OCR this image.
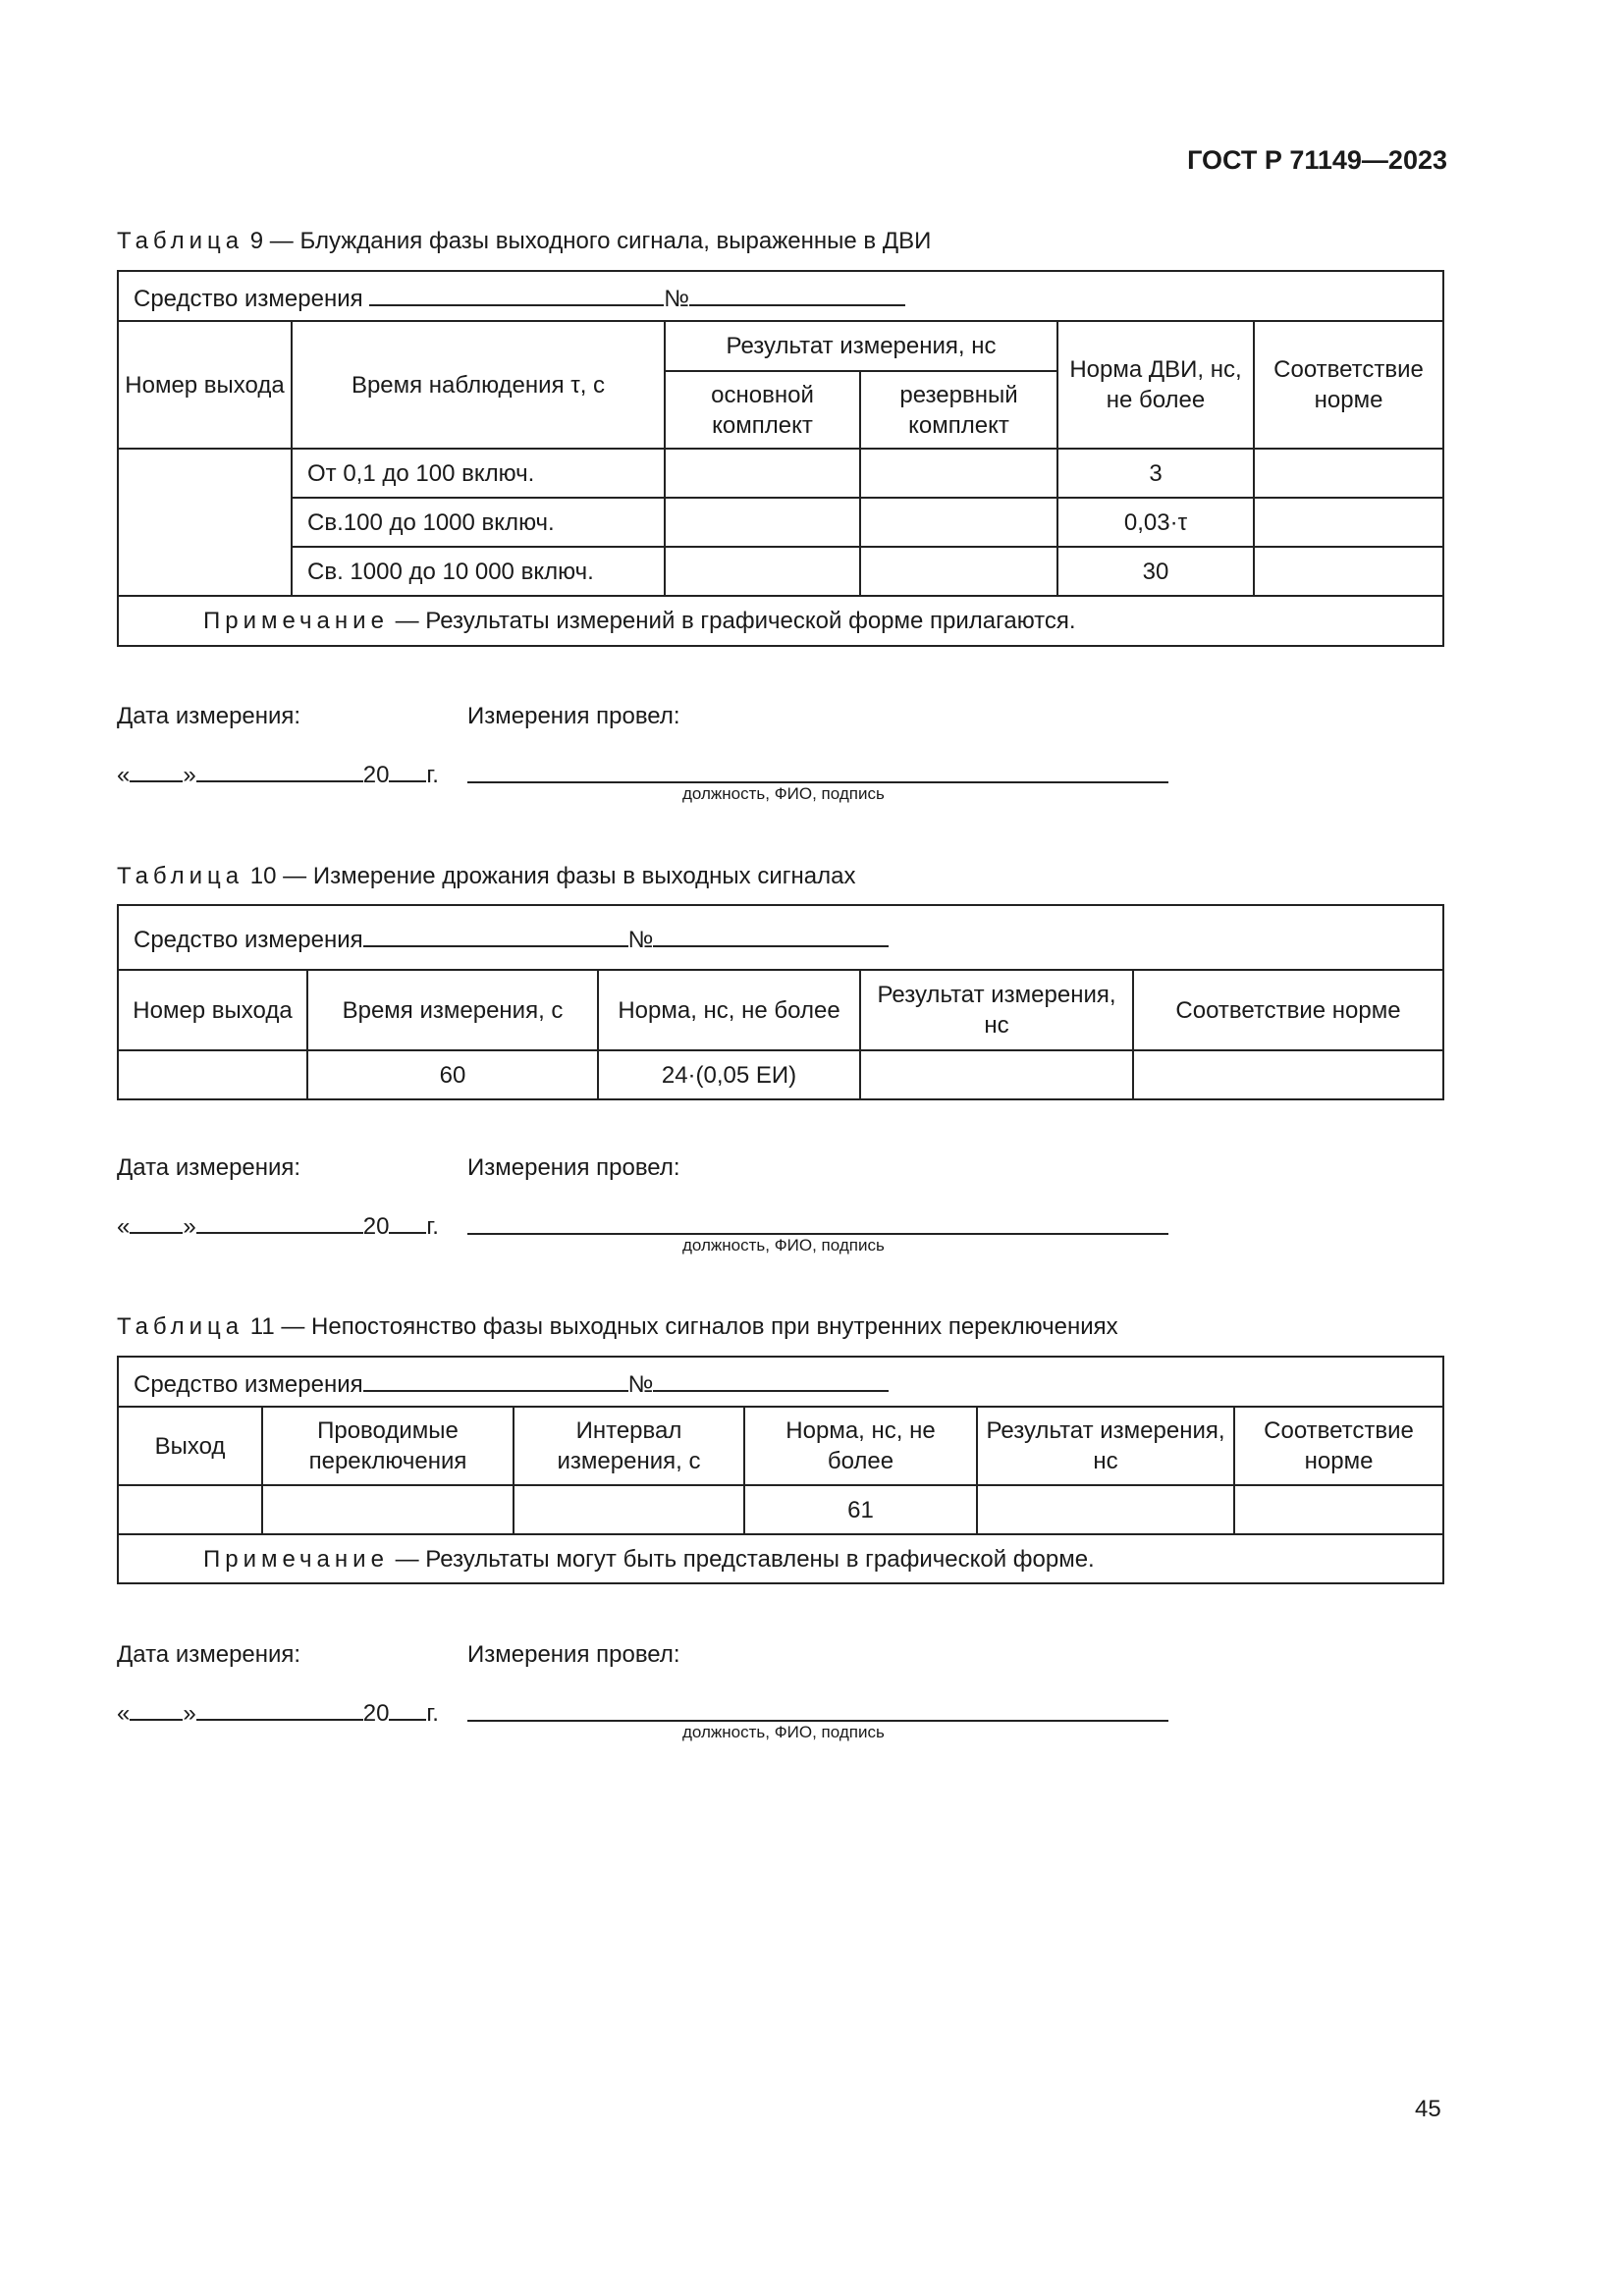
ГОСТ Р 71149—2023
Таблица 9 — Блуждания фазы выходного сигнала, выраженные в ДВИ
Средство измерения №					
Номер выхода	Время наблюдения τ, с	Результат измерения, нс		Норма ДВИ, нс, не более	Соответствие норме
		основной комплект	резервный комплект		
	От 0,1 до 100 включ.			3	
	Св.100 до 1000 включ.			0,03·τ	
	Св. 1000 до 10 000 включ.			30	
Примечание — Результаты измерений в графической форме прилагаются.					
Дата измерения:	Измерения провел:
« »	20 г.
должность, ФИО, подпись
Таблица 10 — Измерение дрожания фазы в выходных сигналах
Средство измерения №				
Номер выхода	Время измерения, с	Норма, нс, не более	Результат измерения, нс	Соответствие норме
	60	24·(0,05 ЕИ)		
Дата измерения:	Измерения провел:
« »	20 г.
должность, ФИО, подпись
Таблица 11 — Непостоянство фазы выходных сигналов при внутренних переключениях
Средство измерения №					
Выход	Проводимые переключения	Интервал измерения, с	Норма, нс, не более	Результат измерения, нс	Соответствие норме
			61		
Примечание — Результаты могут быть представлены в графической форме.					
Дата измерения:	Измерения провел:
« »	20 г.
должность, ФИО, подпись
45
